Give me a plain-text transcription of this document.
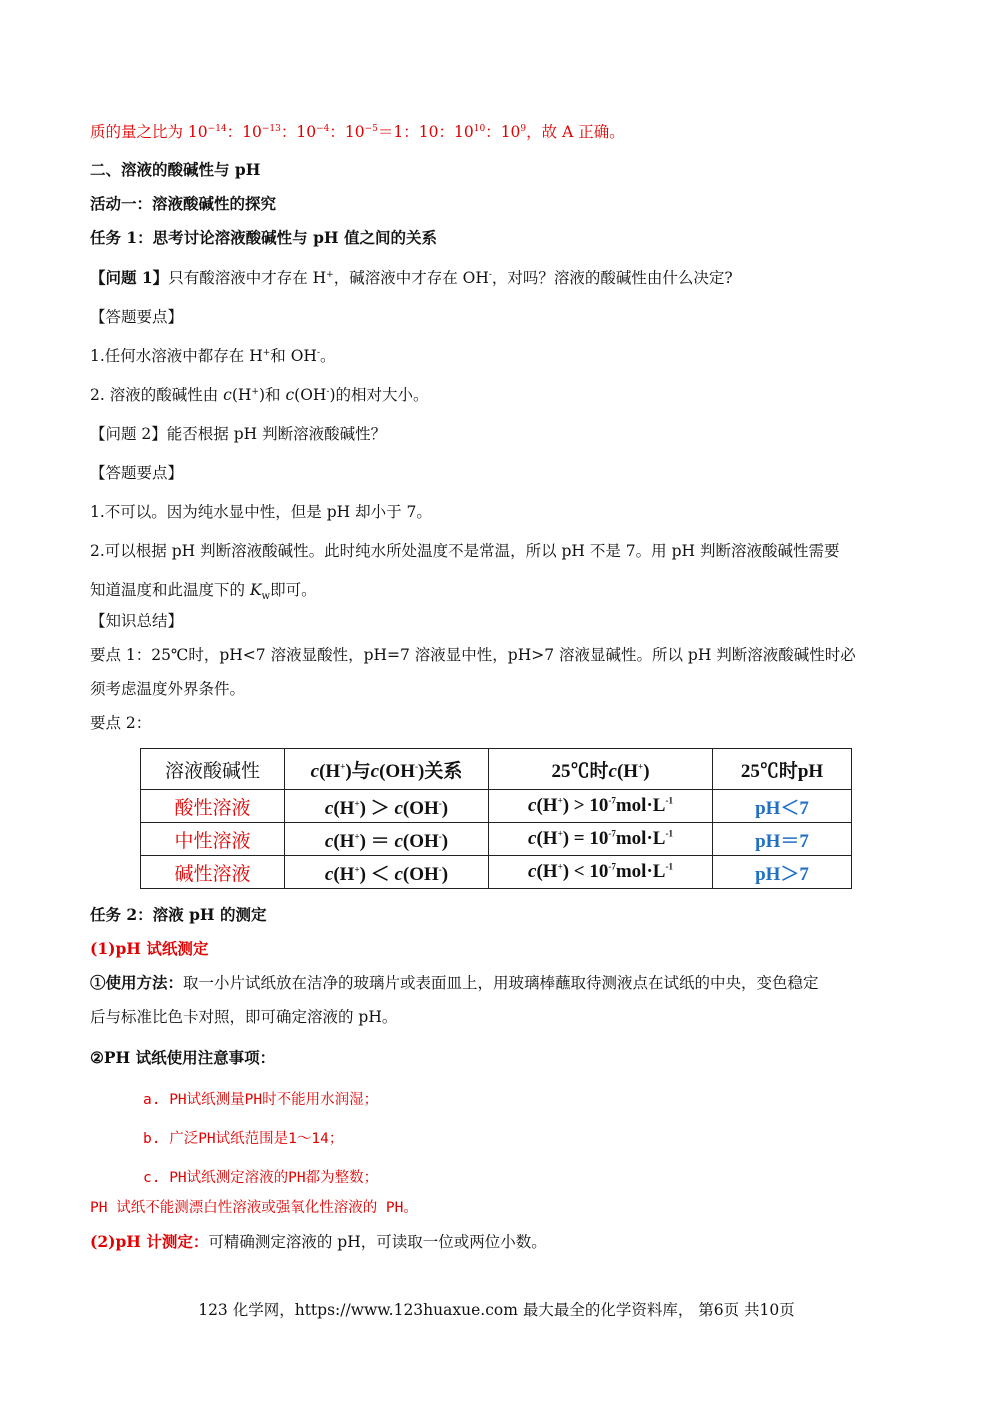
质的量之比为 $10^{-14}$：$10^{-13}$：$10^{-4}$：$10^{-5}=1$：10：$10^{10}$：$10^9$，故 A 正确。
二、溶液的酸碱性与 pH
活动一：溶液酸碱性的探究
任务 1：思考讨论溶液酸碱性与 pH 值之间的关系
【问题 1】只有酸溶液中才存在 H+，碱溶液中才存在 OH-，对吗？溶液的酸碱性由什么决定?
【答题要点】
1.任何水溶液中都存在 H+和 OH-。
2. 溶液的酸碱性由 c(H+)和 c(OH-)的相对大小。
【问题 2】能否根据 pH 判断溶液酸碱性？
【答题要点】
1.不可以。因为纯水显中性，但是 pH 却小于 7。
2.可以根据 pH 判断溶液酸碱性。此时纯水所处温度不是常温，所以 pH 不是 7。用 pH 判断溶液酸碱性需要
知道温度和此温度下的 $K_w$即可。
【知识总结】
要点 1：25℃时，pH<7 溶液显酸性，pH=7 溶液显中性，pH>7 溶液显碱性。所以 pH 判断溶液酸碱性时必
须考虑温度外界条件。
要点 2：
溶液酸碱性	c(H+)与c(OH-)关系	25℃时c(H+)	25℃时pH
酸性溶液	c(H+) ＞ c(OH-)	$c(H^+) > 10^{-7}mol\cdot L^{-1}$	pH＜7
中性溶液	c(H+) ＝ c(OH-)	$c(H^+) = 10^{-7}mol\cdot L^{-1}$	pH＝7
碱性溶液	c(H+) ＜ c(OH-)	$c(H^+) < 10^{-7}mol\cdot L^{-1}$	pH＞7
任务 2：溶液 pH 的测定
(1)pH 试纸测定
①使用方法：取一小片试纸放在洁净的玻璃片或表面皿上，用玻璃棒蘸取待测液点在试纸的中央，变色稳定
后与标准比色卡对照，即可确定溶液的 pH。
②PH 试纸使用注意事项：
a. PH试纸测量PH时不能用水润湿；
b. 广泛PH试纸范围是1～14；
c. PH试纸测定溶液的PH都为整数；
PH 试纸不能测漂白性溶液或强氧化性溶液的 PH。
(2)pH 计测定：可精确测定溶液的 pH，可读取一位或两位小数。
123 化学网，https://www.123huaxue.com 最大最全的化学资料库， 第6页 共10页
